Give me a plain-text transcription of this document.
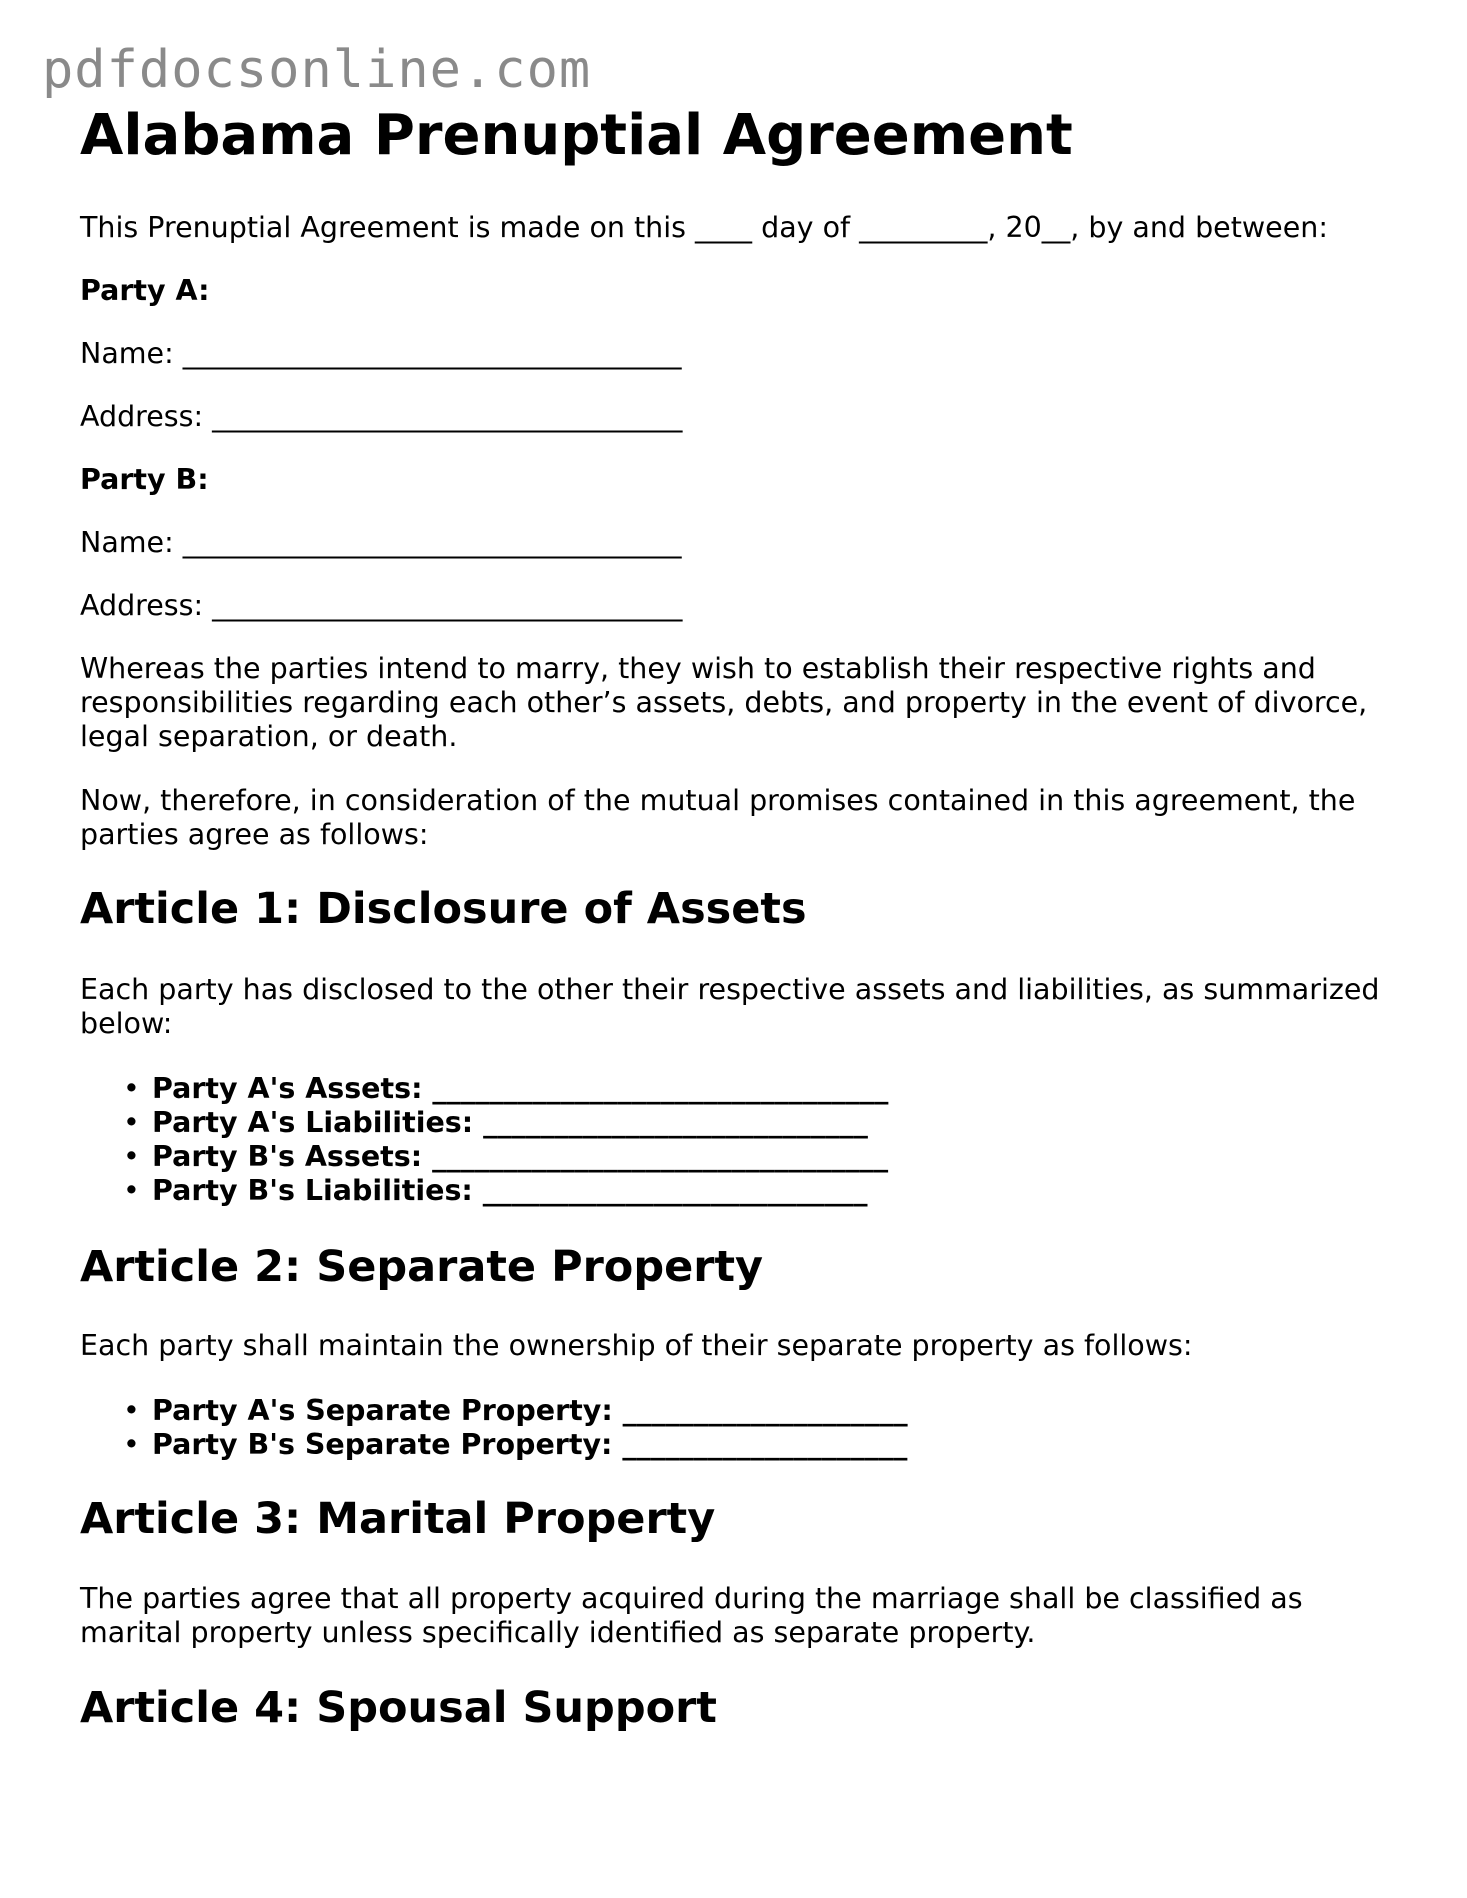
pdfdocsonline.com
Alabama Prenuptial Agreement

This Prenuptial Agreement is made on this ____ day of _________, 20__, by and between:

Party A:

Name: ___________________________________

Address: _________________________________

Party B:

Name: ___________________________________

Address: _________________________________

Whereas the parties intend to marry, they wish to establish their respective rights and responsibilities regarding each other’s assets, debts, and property in the event of divorce, legal separation, or death.

Now, therefore, in consideration of the mutual promises contained in this agreement, the parties agree as follows:

Article 1: Disclosure of Assets

Each party has disclosed to the other their respective assets and liabilities, as summarized below:

• Party A's Assets: ________________________________
• Party A's Liabilities: ___________________________
• Party B's Assets: ________________________________
• Party B's Liabilities: ___________________________
Article 2: Separate Property

Each party shall maintain the ownership of their separate property as follows:

• Party A's Separate Property: ____________________
• Party B's Separate Property: ____________________
Article 3: Marital Property

The parties agree that all property acquired during the marriage shall be classified as marital property unless specifically identified as separate property.

Article 4: Spousal Support
